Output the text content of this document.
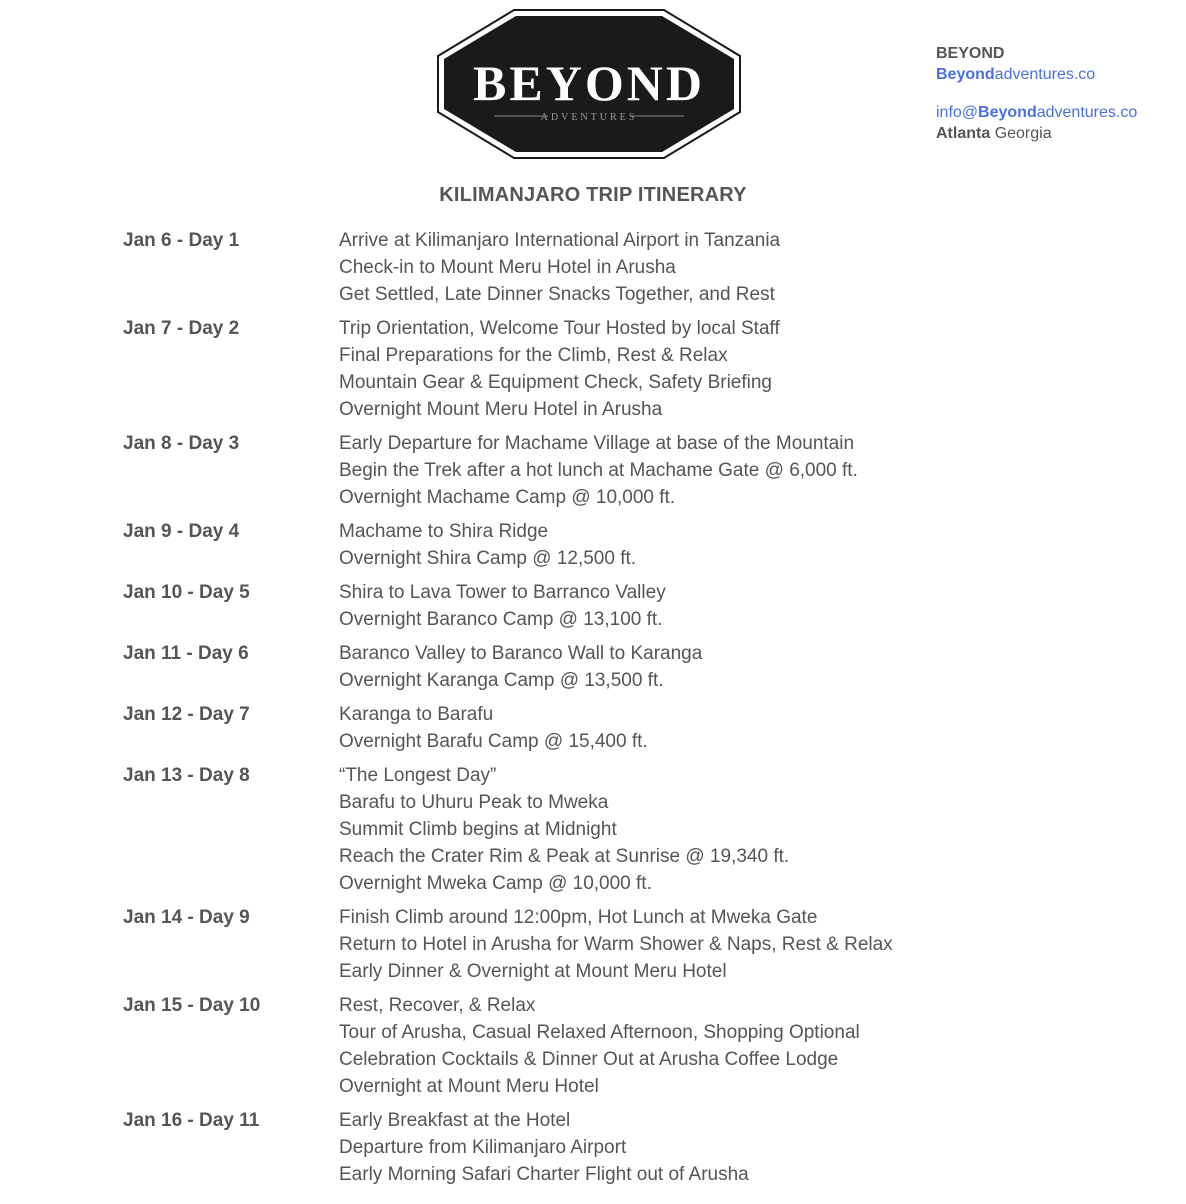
BEYOND
ADVENTURES
BEYOND
Beyondadventures.co
info@Beyondadventures.co
Atlanta Georgia
KILIMANJARO TRIP ITINERARY
Jan 6 - Day 1	Arrive at Kilimanjaro International Airport in Tanzania
Check-in to Mount Meru Hotel in Arusha
Get Settled, Late Dinner Snacks Together, and Rest
Jan 7 - Day 2	Trip Orientation, Welcome Tour Hosted by local Staff
Final Preparations for the Climb, Rest & Relax
Mountain Gear & Equipment Check, Safety Briefing
Overnight Mount Meru Hotel in Arusha
Jan 8 - Day 3	Early Departure for Machame Village at base of the Mountain
Begin the Trek after a hot lunch at Machame Gate @ 6,000 ft.
Overnight Machame Camp @ 10,000 ft.
Jan 9 - Day 4	Machame to Shira Ridge
Overnight Shira Camp @ 12,500 ft.
Jan 10 - Day 5	Shira to Lava Tower to Barranco Valley
Overnight Baranco Camp @ 13,100 ft.
Jan 11 - Day 6	Baranco Valley to Baranco Wall to Karanga
Overnight Karanga Camp @ 13,500 ft.
Jan 12 - Day 7	Karanga to Barafu
Overnight Barafu Camp @ 15,400 ft.
Jan 13 - Day 8	“The Longest Day”
Barafu to Uhuru Peak to Mweka
Summit Climb begins at Midnight
Reach the Crater Rim & Peak at Sunrise @ 19,340 ft.
Overnight Mweka Camp @ 10,000 ft.
Jan 14 - Day 9	Finish Climb around 12:00pm, Hot Lunch at Mweka Gate
Return to Hotel in Arusha for Warm Shower & Naps, Rest & Relax
Early Dinner & Overnight at Mount Meru Hotel
Jan 15 - Day 10	Rest, Recover, & Relax
Tour of Arusha, Casual Relaxed Afternoon, Shopping Optional
Celebration Cocktails & Dinner Out at Arusha Coffee Lodge
Overnight at Mount Meru Hotel
Jan 16 - Day 11	Early Breakfast at the Hotel
Departure from Kilimanjaro Airport
Early Morning Safari Charter Flight out of Arusha
